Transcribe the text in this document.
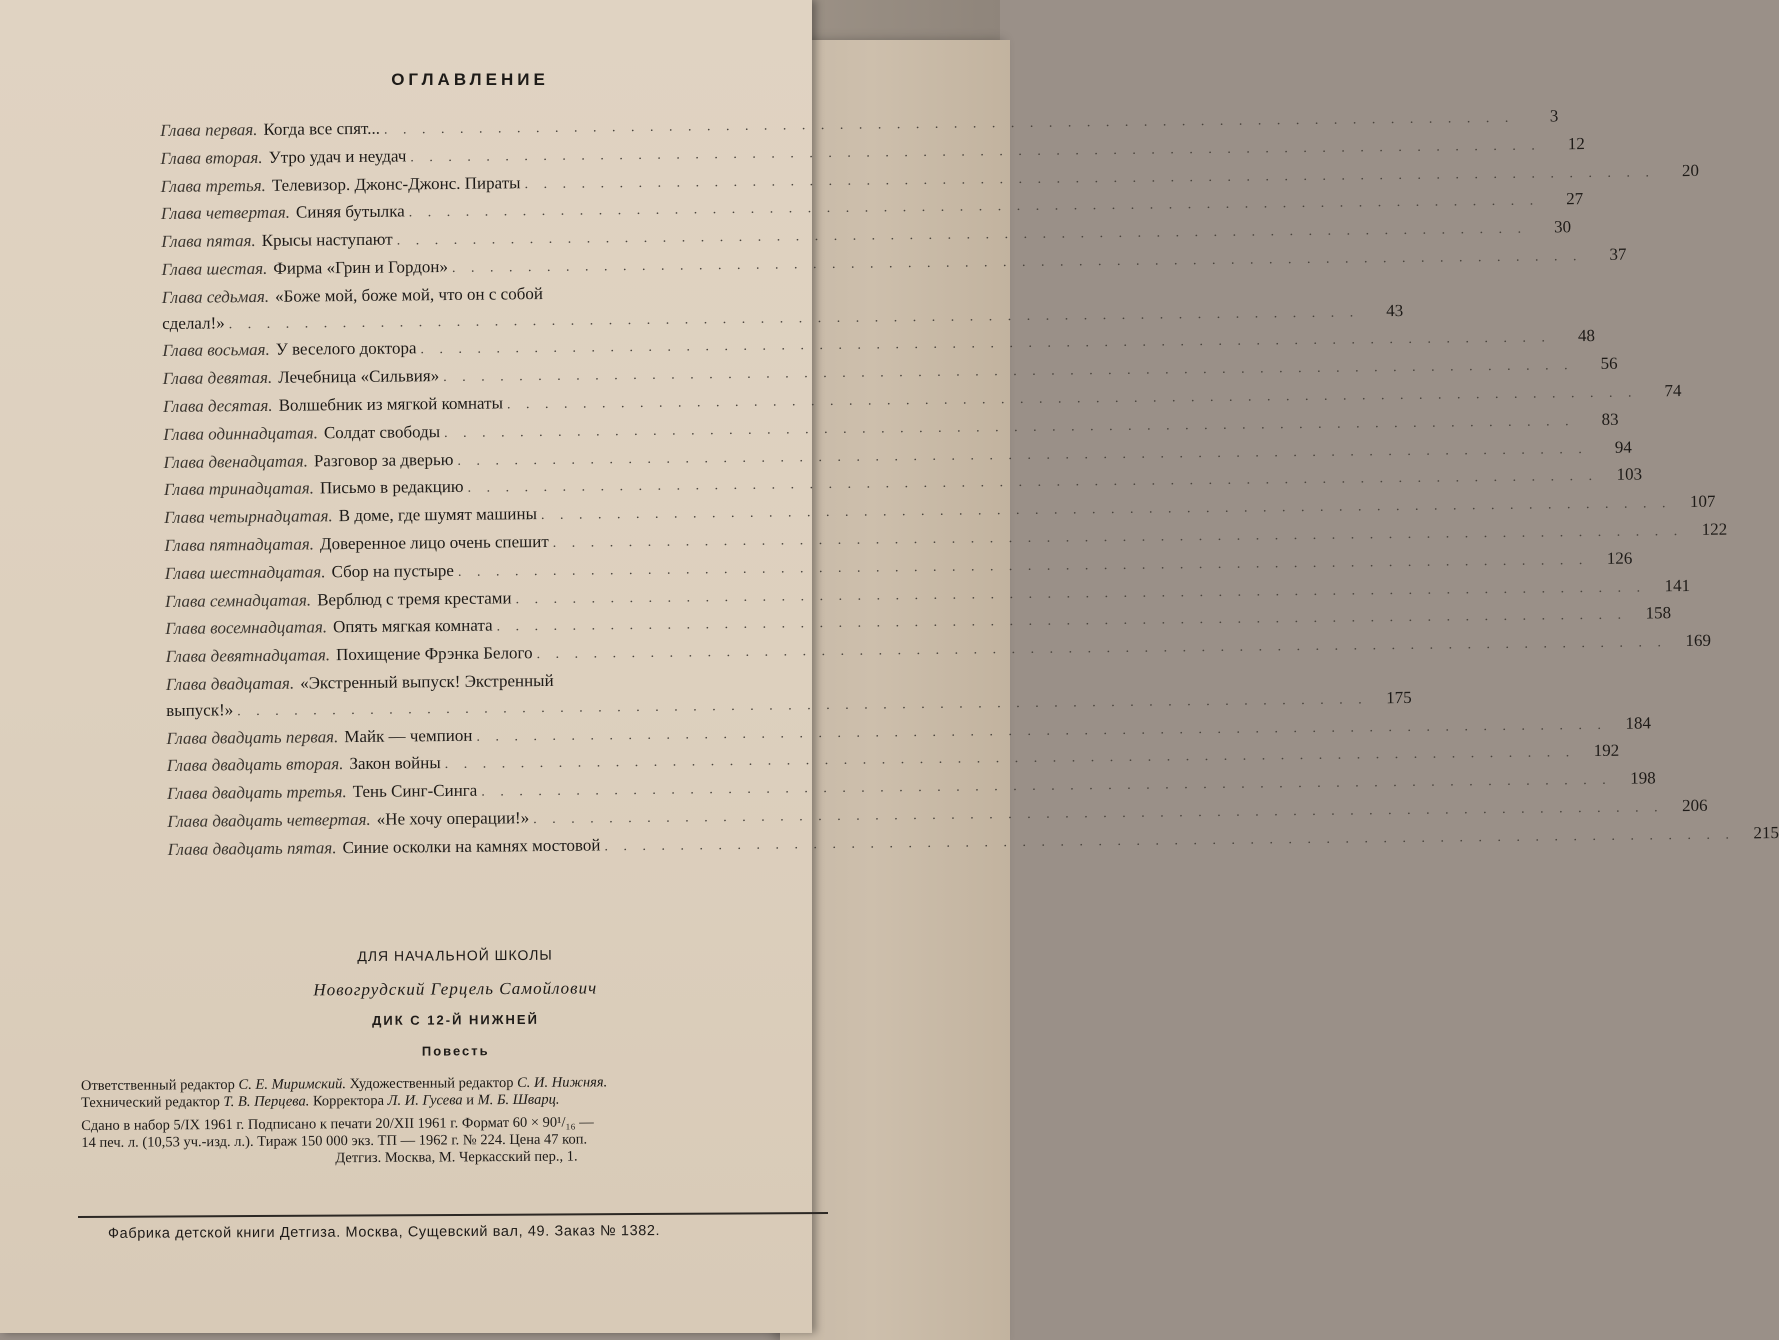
ОГЛАВЛЕНИЕ
Глава первая. Когда все спят... . . . . . . . . . . . . . . . . . . . . . . . . . . . . . . . . . . . . . . . . . . . . . . . . . . . . . . . . . . . .	3
Глава вторая. Утро удач и неудач . . . . . . . . . . . . . . . . . . . . . . . . . . . . . . . . . . . . . . . . . . . . . . . . . . . . . . . . . . . .	12
Глава третья. Телевизор. Джонс-Джонс. Пираты . . . . . . . . . . . . . . . . . . . . . . . . . . . . . . . . . . . . . . . . . . . . . . . . . . . . . . . . . . . .	20
Глава четвертая. Синяя бутылка . . . . . . . . . . . . . . . . . . . . . . . . . . . . . . . . . . . . . . . . . . . . . . . . . . . . . . . . . . . .	27
Глава пятая. Крысы наступают . . . . . . . . . . . . . . . . . . . . . . . . . . . . . . . . . . . . . . . . . . . . . . . . . . . . . . . . . . . .	30
Глава шестая. Фирма «Грин и Гордон» . . . . . . . . . . . . . . . . . . . . . . . . . . . . . . . . . . . . . . . . . . . . . . . . . . . . . . . . . . . .	37
Глава седьмая. «Боже мой, боже мой, что он с собой
сделал!» . . . . . . . . . . . . . . . . . . . . . . . . . . . . . . . . . . . . . . . . . . . . . . . . . . . . . . . . . . . .	43
Глава восьмая. У веселого доктора . . . . . . . . . . . . . . . . . . . . . . . . . . . . . . . . . . . . . . . . . . . . . . . . . . . . . . . . . . . .	48
Глава девятая. Лечебница «Сильвия» . . . . . . . . . . . . . . . . . . . . . . . . . . . . . . . . . . . . . . . . . . . . . . . . . . . . . . . . . . . .	56
Глава десятая. Волшебник из мягкой комнаты . . . . . . . . . . . . . . . . . . . . . . . . . . . . . . . . . . . . . . . . . . . . . . . . . . . . . . . . . . . .	74
Глава одиннадцатая. Солдат свободы . . . . . . . . . . . . . . . . . . . . . . . . . . . . . . . . . . . . . . . . . . . . . . . . . . . . . . . . . . . .	83
Глава двенадцатая. Разговор за дверью . . . . . . . . . . . . . . . . . . . . . . . . . . . . . . . . . . . . . . . . . . . . . . . . . . . . . . . . . . . .	94
Глава тринадцатая. Письмо в редакцию . . . . . . . . . . . . . . . . . . . . . . . . . . . . . . . . . . . . . . . . . . . . . . . . . . . . . . . . . . . .	103
Глава четырнадцатая. В доме, где шумят машины . . . . . . . . . . . . . . . . . . . . . . . . . . . . . . . . . . . . . . . . . . . . . . . . . . . . . . . . . . . .	107
Глава пятнадцатая. Доверенное лицо очень спешит . . . . . . . . . . . . . . . . . . . . . . . . . . . . . . . . . . . . . . . . . . . . . . . . . . . . . . . . . . . .	122
Глава шестнадцатая. Сбор на пустыре . . . . . . . . . . . . . . . . . . . . . . . . . . . . . . . . . . . . . . . . . . . . . . . . . . . . . . . . . . . .	126
Глава семнадцатая. Верблюд с тремя крестами . . . . . . . . . . . . . . . . . . . . . . . . . . . . . . . . . . . . . . . . . . . . . . . . . . . . . . . . . . . .	141
Глава восемнадцатая. Опять мягкая комната . . . . . . . . . . . . . . . . . . . . . . . . . . . . . . . . . . . . . . . . . . . . . . . . . . . . . . . . . . . .	158
Глава девятнадцатая. Похищение Фрэнка Белого . . . . . . . . . . . . . . . . . . . . . . . . . . . . . . . . . . . . . . . . . . . . . . . . . . . . . . . . . . . .	169
Глава двадцатая. «Экстренный выпуск! Экстренный
выпуск!» . . . . . . . . . . . . . . . . . . . . . . . . . . . . . . . . . . . . . . . . . . . . . . . . . . . . . . . . . . . .	175
Глава двадцать первая. Майк — чемпион . . . . . . . . . . . . . . . . . . . . . . . . . . . . . . . . . . . . . . . . . . . . . . . . . . . . . . . . . . . .	184
Глава двадцать вторая. Закон войны . . . . . . . . . . . . . . . . . . . . . . . . . . . . . . . . . . . . . . . . . . . . . . . . . . . . . . . . . . . .	192
Глава двадцать третья. Тень Синг-Синга . . . . . . . . . . . . . . . . . . . . . . . . . . . . . . . . . . . . . . . . . . . . . . . . . . . . . . . . . . . .	198
Глава двадцать четвертая. «Не хочу операции!» . . . . . . . . . . . . . . . . . . . . . . . . . . . . . . . . . . . . . . . . . . . . . . . . . . . . . . . . . . . .	206
Глава двадцать пятая. Синие осколки на камнях мостовой . . . . . . . . . . . . . . . . . . . . . . . . . . . . . . . . . . . . . . . . . . . . . . . . . . . . . . . . . . . .	215
ДЛЯ НАЧАЛЬНОЙ ШКОЛЫ
Новогрудский Герцель Самойлович
ДИК С 12-Й НИЖНЕЙ
Повесть
Ответственный редактор С. Е. Миримский. Художественный редактор С. И. Нижняя.
Технический редактор Т. В. Перцева. Корректора Л. И. Гусева и М. Б. Шварц.
Сдано в набор 5/IX 1961 г. Подписано к печати 20/XII 1961 г. Формат 60 × 90¹/₁₆ —
14 печ. л. (10,53 уч.-изд. л.). Тираж 150 000 экз. ТП — 1962 г. № 224. Цена 47 коп.
Детгиз. Москва, М. Черкасский пер., 1.
Фабрика детской книги Детгиза. Москва, Сущевский вал, 49. Заказ № 1382.
